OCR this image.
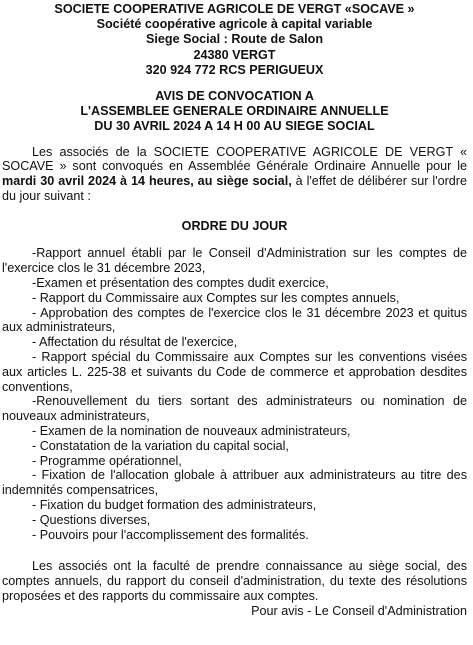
SOCIETE COOPERATIVE AGRICOLE DE VERGT «SOCAVE »
Société coopérative agricole à capital variable
Siege Social : Route de Salon
24380 VERGT
320 924 772 RCS PERIGUEUX
AVIS DE CONVOCATION A
L'ASSEMBLEE GENERALE ORDINAIRE ANNUELLE
DU 30 AVRIL 2024 A 14 H 00 AU SIEGE SOCIAL

Les associés de la SOCIETE COOPERATIVE AGRICOLE DE VERGT « SOCAVE » sont convoqués en Assemblée Générale Ordinaire Annuelle pour le mardi 30 avril 2024 à 14 heures, au siège social, à l'effet de délibérer sur l'ordre du jour suivant :

ORDRE DU JOUR
-Rapport annuel établi par le Conseil d'Administration sur les comptes de l'exercice clos le 31 décembre 2023,
-Examen et présentation des comptes dudit exercice,
- Rapport du Commissaire aux Comptes sur les comptes annuels,
- Approbation des comptes de l'exercice clos le 31 décembre 2023 et quitus aux administrateurs,
- Affectation du résultat de l'exercice,
- Rapport spécial du Commissaire aux Comptes sur les conventions visées aux articles L. 225-38 et suivants du Code de commerce et approbation desdites conventions,
-Renouvellement du tiers sortant des administrateurs ou nomination de nouveaux administrateurs,
- Examen de la nomination de nouveaux administrateurs,
- Constatation de la variation du capital social,
- Programme opérationnel,
- Fixation de l'allocation globale à attribuer aux administrateurs au titre des indemnités compensatrices,
- Fixation du budget formation des administrateurs,
- Questions diverses,
- Pouvoirs pour l'accomplissement des formalités.

Les associés ont la faculté de prendre connaissance au siège social, des comptes annuels, du rapport du conseil d'administration, du texte des résolutions proposées et des rapports du commissaire aux comptes.

Pour avis - Le Conseil d'Administration
